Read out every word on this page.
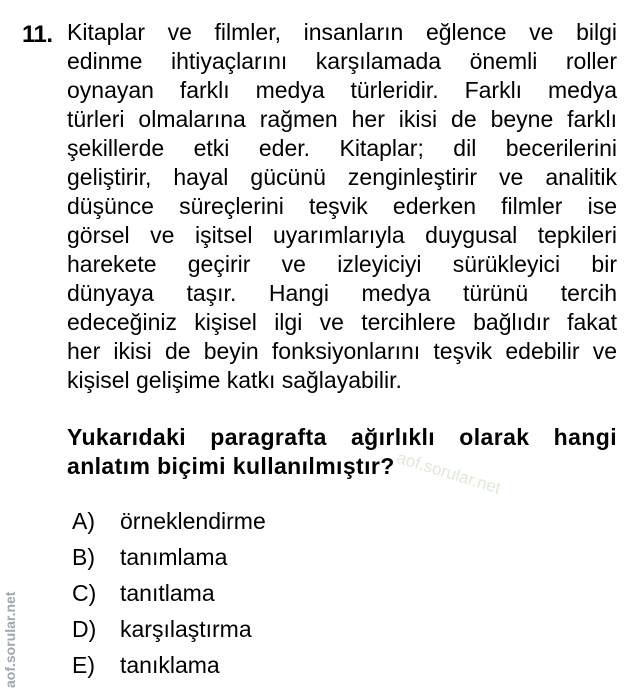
11. Kitaplar ve filmler, insanların eğlence ve bilgi
edinme ihtiyaçlarını karşılamada önemli roller
oynayan farklı medya türleridir. Farklı medya
türleri olmalarına rağmen her ikisi de beyne farklı
şekillerde etki eder. Kitaplar; dil becerilerini
geliştirir, hayal gücünü zenginleştirir ve analitik
düşünce süreçlerini teşvik ederken filmler ise
görsel ve işitsel uyarımlarıyla duygusal tepkileri
harekete geçirir ve izleyiciyi sürükleyici bir
dünyaya taşır. Hangi medya türünü tercih
edeceğiniz kişisel ilgi ve tercihlere bağlıdır fakat
her ikisi de beyin fonksiyonlarını teşvik edebilir ve
kişisel gelişime katkı sağlayabilir.
Yukarıdaki paragrafta ağırlıklı olarak hangi
anlatım biçimi kullanılmıştır? aof.sorular.net
A)	örneklendirme
B)	tanımlama
C)	tanıtlama
D)	karşılaştırma
E)	tanıklama
aof.sorular.net
